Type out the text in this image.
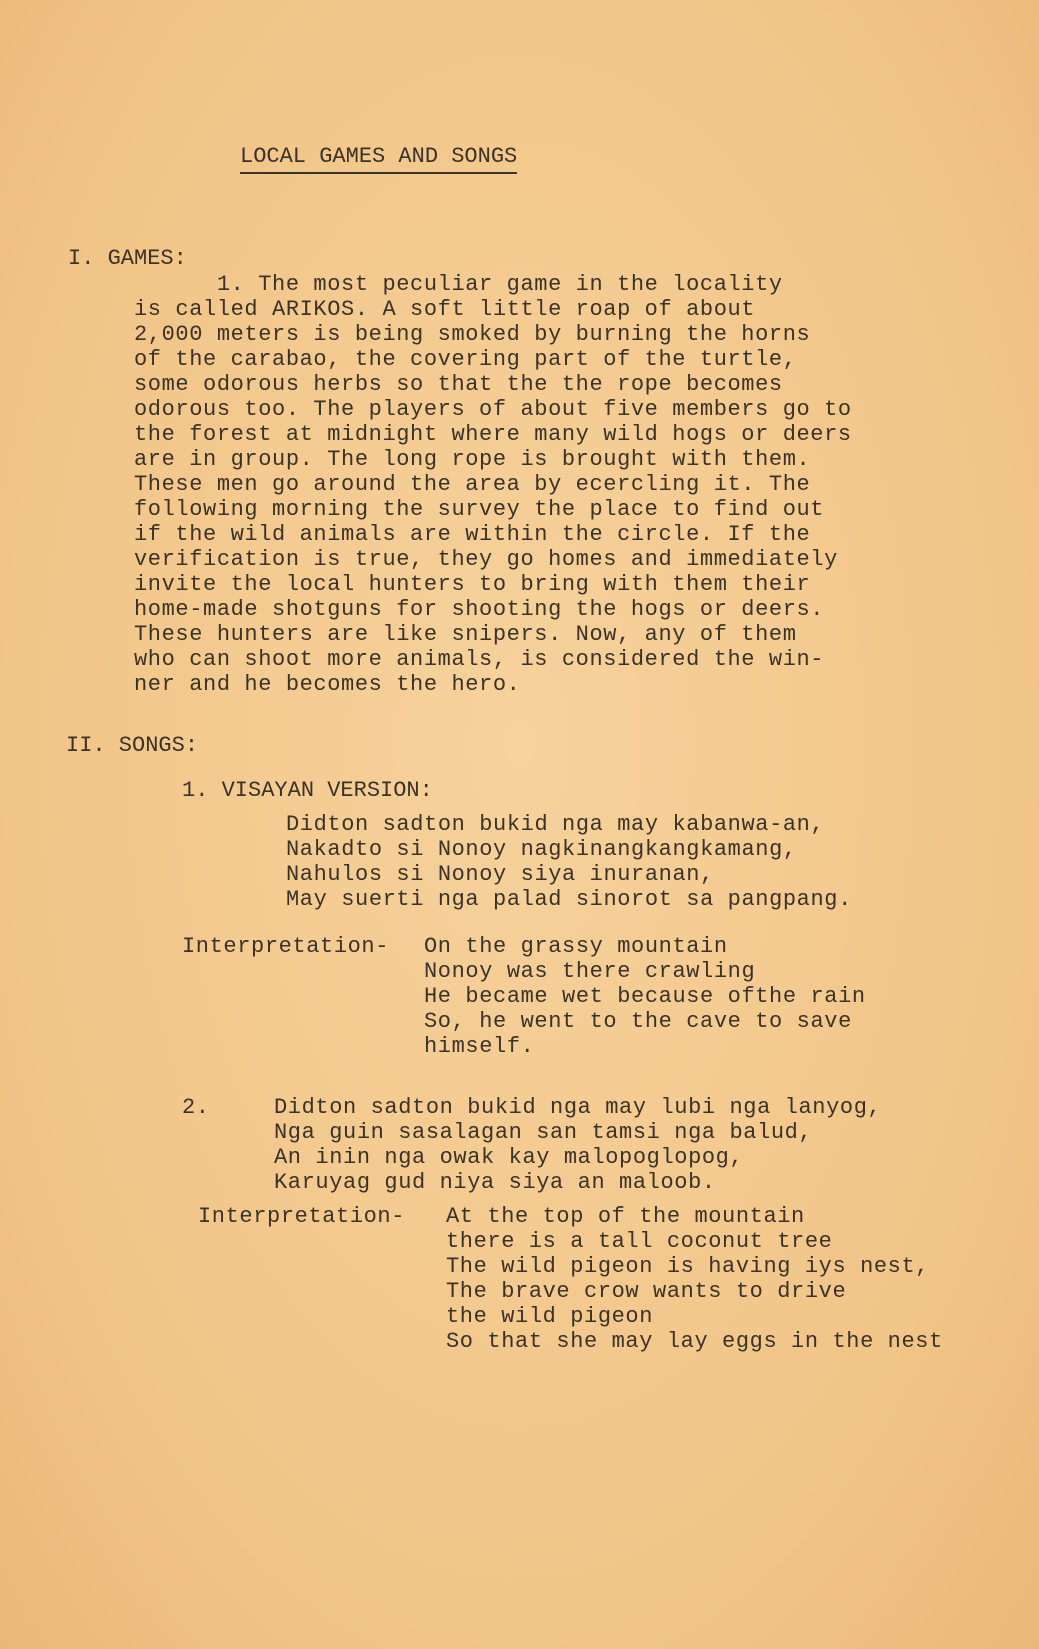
LOCAL GAMES AND SONGS
I. GAMES:
1. The most peculiar game in the locality
is called ARIKOS. A soft little roap of about
2,000 meters is being smoked by burning the horns
of the carabao, the covering part of the turtle,
some odorous herbs so that the the rope becomes
odorous too. The players of about five members go to
the forest at midnight where many wild hogs or deers
are in group. The long rope is brought with them.
These men go around the area by ecercling it. The
following morning the survey the place to find out
if the wild animals are within the circle. If the
verification is true, they go homes and immediately
invite the local hunters to bring with them their
home-made shotguns for shooting the hogs or deers.
These hunters are like snipers. Now, any of them
who can shoot more animals, is considered the win-
ner and he becomes the hero.
II. SONGS:
1. VISAYAN VERSION:
Didton sadton bukid nga may kabanwa-an,
Nakadto si Nonoy nagkinangkangkamang,
Nahulos si Nonoy siya inuranan,
May suerti nga palad sinorot sa pangpang.
Interpretation- On the grassy mountain
Nonoy was there crawling
He became wet because ofthe rain
So, he went to the cave to save
himself.
2.	Didton sadton bukid nga may lubi nga lanyog,
Nga guin sasalagan san tamsi nga balud,
An inin nga owak kay malopoglopog,
Karuyag gud niya siya an maloob.
Interpretation- At the top of the mountain
there is a tall coconut tree
The wild pigeon is having iys nest,
The brave crow wants to drive
the wild pigeon
So that she may lay eggs in the nest
